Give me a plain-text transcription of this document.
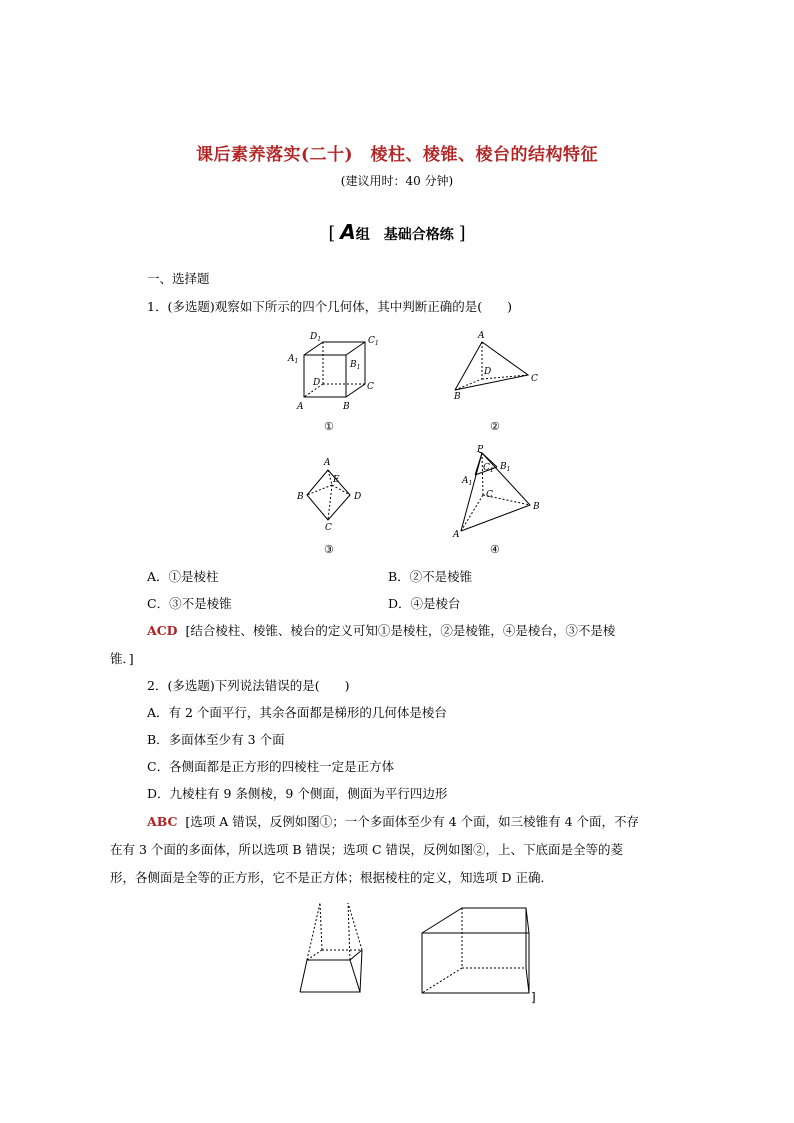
课后素养落实(二十)　棱柱、棱锥、棱台的结构特征
(建议用时：40 分钟)
[ A组　基础合格练 ]
一、选择题
1．(多选题)观察如下所示的四个几何体，其中判断正确的是(　　)
$D_1$	$C_1$
$A_1$	$B_1$
D	C
A	B
A
D
C
B
A
E
B	D
C
P
$C_1$ $B_1$
$A_1$
C
B
A
①	②
③	④
A．①是棱柱	B．②不是棱锥
C．③不是棱锥	D．④是棱台
ACD [结合棱柱、棱锥、棱台的定义可知①是棱柱，②是棱锥，④是棱台，③不是棱
锥．]
2．(多选题)下列说法错误的是(　　)
A．有 2 个面平行，其余各面都是梯形的几何体是棱台
B．多面体至少有 3 个面
C．各侧面都是正方形的四棱柱一定是正方体
D．九棱柱有 9 条侧棱，9 个侧面，侧面为平行四边形
ABC [选项 A 错误，反例如图①；一个多面体至少有 4 个面，如三棱锥有 4 个面，不存
在有 3 个面的多面体，所以选项 B 错误；选项 C 错误，反例如图②，上、下底面是全等的菱
形，各侧面是全等的正方形，它不是正方体；根据棱柱的定义，知选项 D 正确．
]
